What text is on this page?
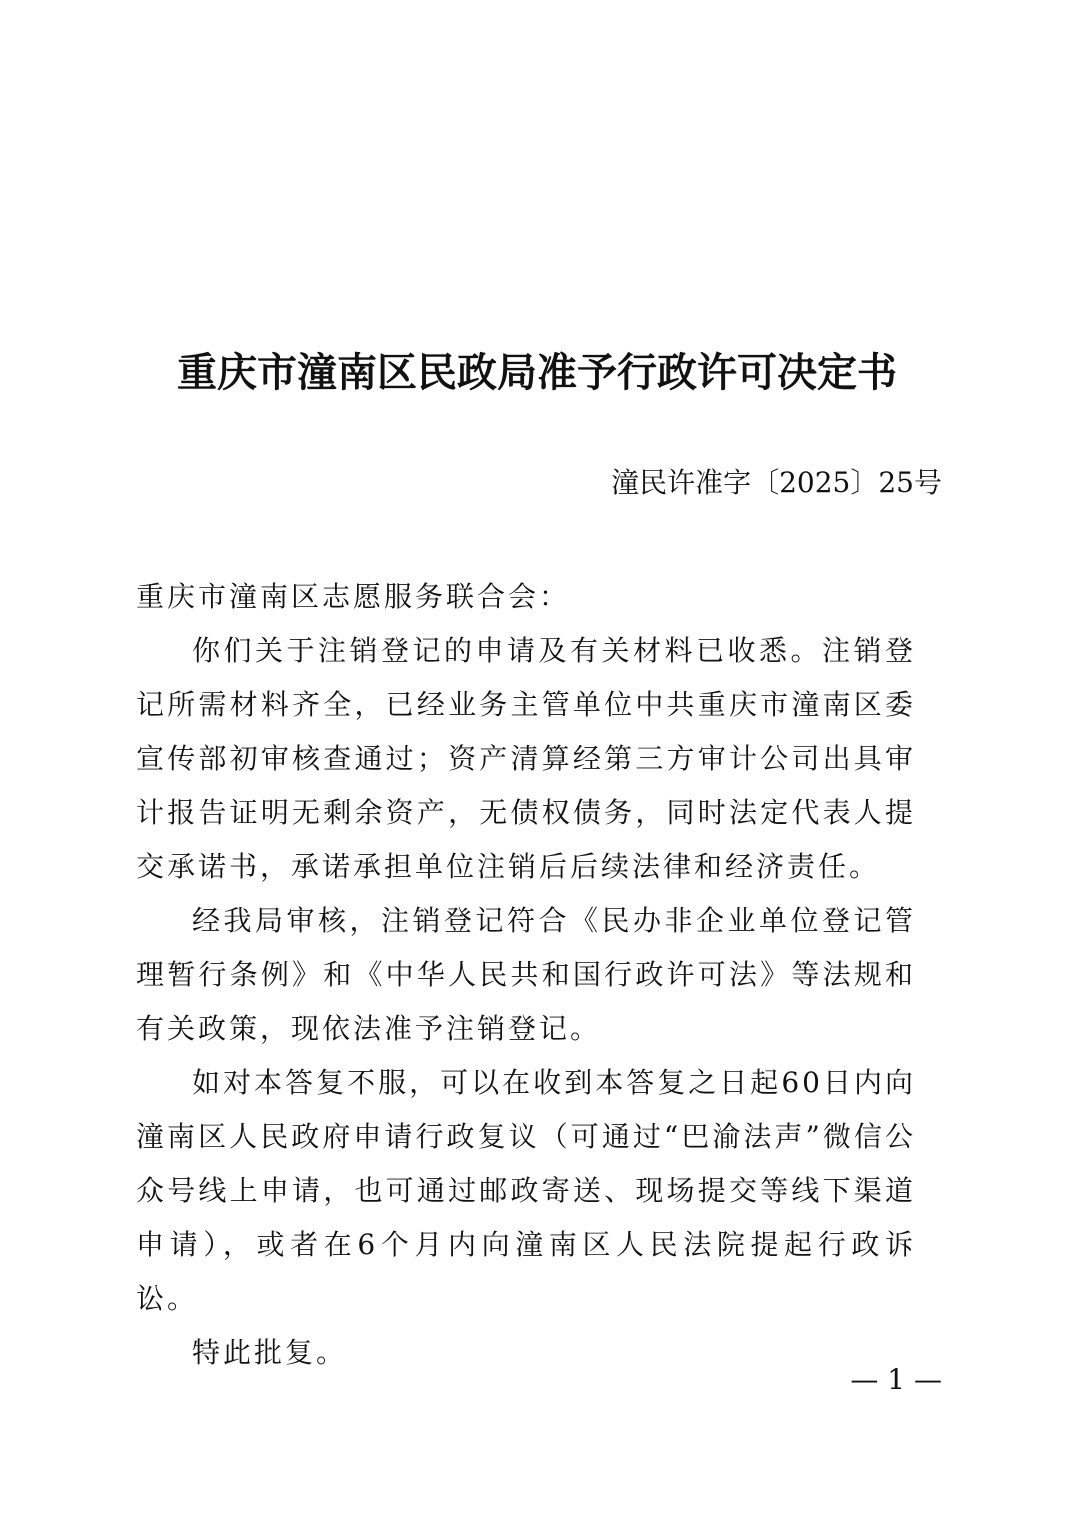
重庆市潼南区民政局准予行政许可决定书
潼民许准字〔2025〕25号

重庆市潼南区志愿服务联合会：

你们关于注销登记的申请及有关材料已收悉。注销登记所需材料齐全，已经业务主管单位中共重庆市潼南区委宣传部初审核查通过；资产清算经第三方审计公司出具审计报告证明无剩余资产，无债权债务，同时法定代表人提交承诺书，承诺承担单位注销后后续法律和经济责任。

经我局审核，注销登记符合《民办非企业单位登记管理暂行条例》和《中华人民共和国行政许可法》等法规和有关政策，现依法准予注销登记。

如对本答复不服，可以在收到本答复之日起60日内向潼南区人民政府申请行政复议（可通过“巴渝法声”微信公众号线上申请，也可通过邮政寄送、现场提交等线下渠道申请），或者在6个月内向潼南区人民法院提起行政诉讼。

特此批复。

— 1 —
